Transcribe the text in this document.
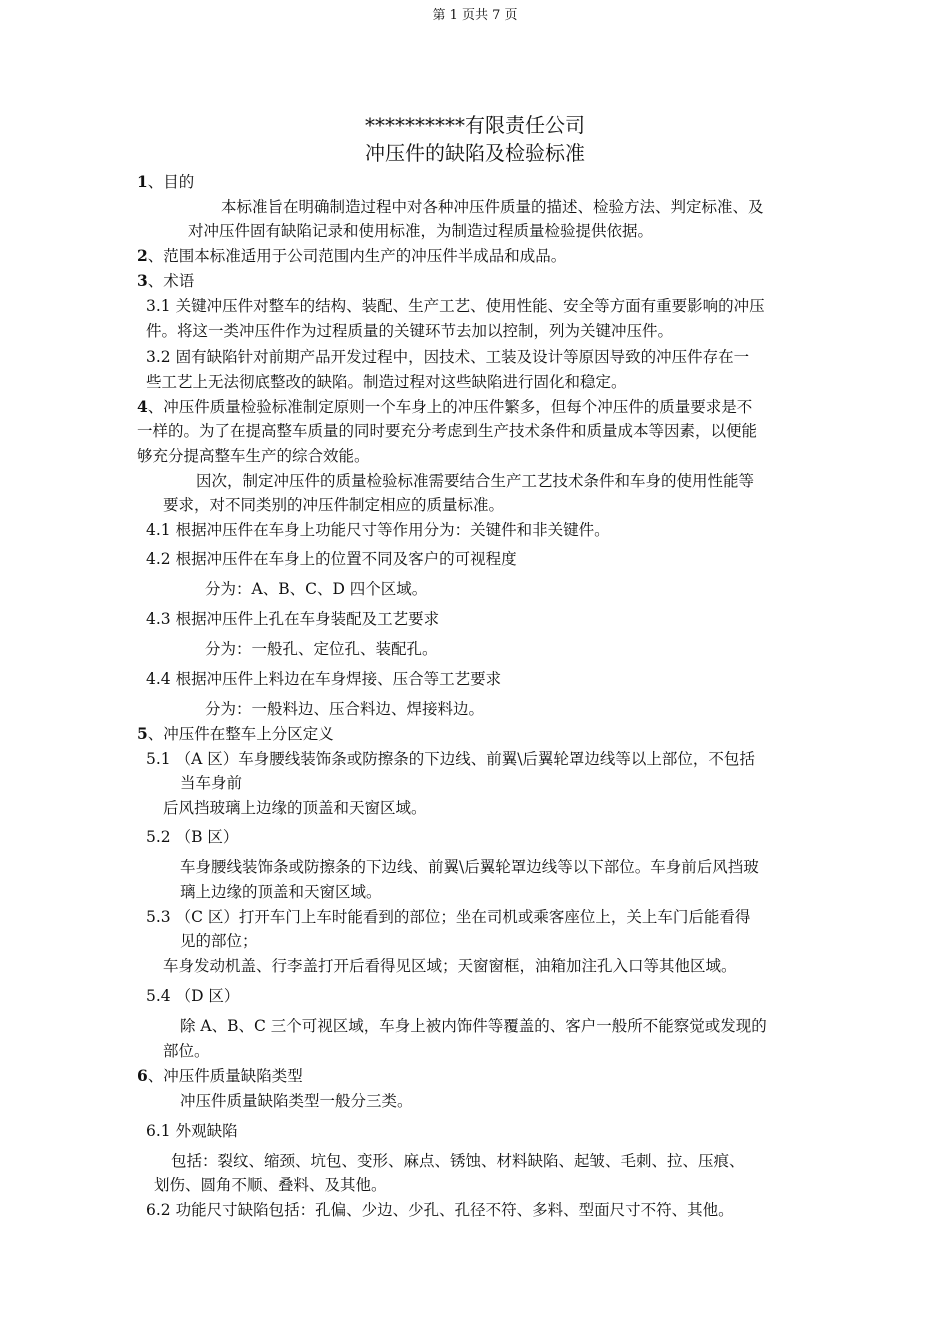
第 1 页共 7 页
**********有限责任公司
冲压件的缺陷及检验标准
1、目的
本标准旨在明确制造过程中对各种冲压件质量的描述、检验方法、判定标准、及
对冲压件固有缺陷记录和使用标准，为制造过程质量检验提供依据。
2、范围本标准适用于公司范围内生产的冲压件半成品和成品。
3、术语
3.1 关键冲压件对整车的结构、装配、生产工艺、使用性能、安全等方面有重要影响的冲压
件。将这一类冲压件作为过程质量的关键环节去加以控制，列为关键冲压件。
3.2 固有缺陷针对前期产品开发过程中，因技术、工装及设计等原因导致的冲压件存在一
些工艺上无法彻底整改的缺陷。制造过程对这些缺陷进行固化和稳定。
4、冲压件质量检验标准制定原则一个车身上的冲压件繁多，但每个冲压件的质量要求是不
一样的。为了在提高整车质量的同时要充分考虑到生产技术条件和质量成本等因素，以便能
够充分提高整车生产的综合效能。
因次，制定冲压件的质量检验标准需要结合生产工艺技术条件和车身的使用性能等
要求，对不同类别的冲压件制定相应的质量标准。
4.1 根据冲压件在车身上功能尺寸等作用分为：关键件和非关键件。
4.2 根据冲压件在车身上的位置不同及客户的可视程度
分为：A、B、C、D 四个区域。
4.3 根据冲压件上孔在车身装配及工艺要求
分为：一般孔、定位孔、装配孔。
4.4 根据冲压件上料边在车身焊接、压合等工艺要求
分为：一般料边、压合料边、焊接料边。
5、冲压件在整车上分区定义
5.1 （A 区）车身腰线装饰条或防擦条的下边线、前翼\后翼轮罩边线等以上部位，不包括
当车身前
后风挡玻璃上边缘的顶盖和天窗区域。
5.2 （B 区）
车身腰线装饰条或防擦条的下边线、前翼\后翼轮罩边线等以下部位。车身前后风挡玻
璃上边缘的顶盖和天窗区域。
5.3 （C 区）打开车门上车时能看到的部位；坐在司机或乘客座位上，关上车门后能看得
见的部位；
车身发动机盖、行李盖打开后看得见区域；天窗窗框，油箱加注孔入口等其他区域。
5.4 （D 区）
除 A、B、C 三个可视区域，车身上被内饰件等覆盖的、客户一般所不能察觉或发现的
部位。
6、冲压件质量缺陷类型
冲压件质量缺陷类型一般分三类。
6.1 外观缺陷
包括：裂纹、缩颈、坑包、变形、麻点、锈蚀、材料缺陷、起皱、毛刺、拉、压痕、
划伤、圆角不顺、叠料、及其他。
6.2 功能尺寸缺陷包括：孔偏、少边、少孔、孔径不符、多料、型面尺寸不符、其他。
